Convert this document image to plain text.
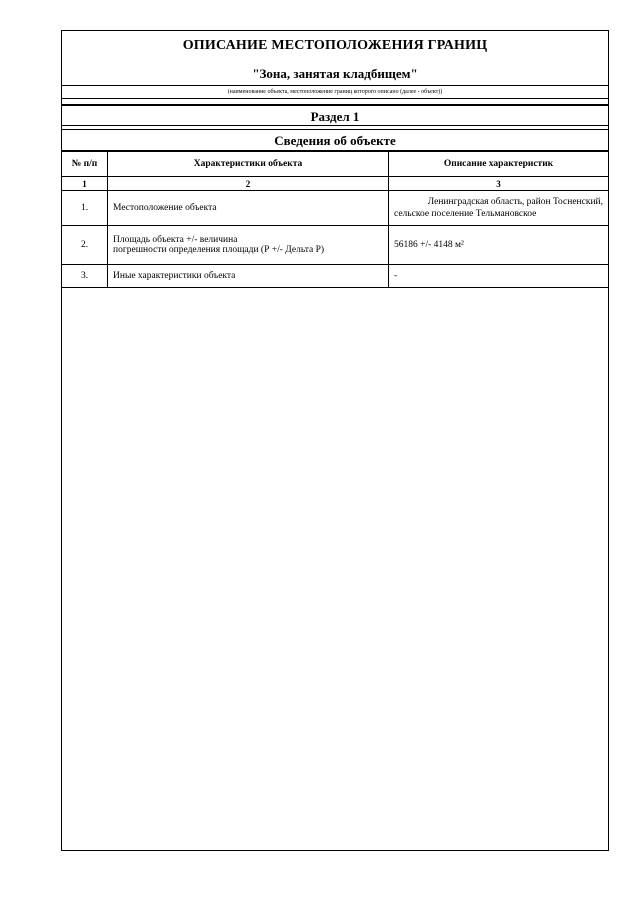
ОПИСАНИЕ МЕСТОПОЛОЖЕНИЯ ГРАНИЦ
"Зона, занятая кладбищем"
(наименование объекта, местоположение границ которого описано (далее - объект))
Раздел 1
Сведения об объекте
№ п/п	Характеристики объекта	Описание характеристик
1	2	3
1.	Местоположение объекта	Ленинградская область, район Тосненский,
сельское поселение Тельмановское

2.	Площадь объекта +/- величина
погрешности определения площади (Р +/- Дельта Р)	56186 +/- 4148 м²
3.	Иные характеристики объекта	-
